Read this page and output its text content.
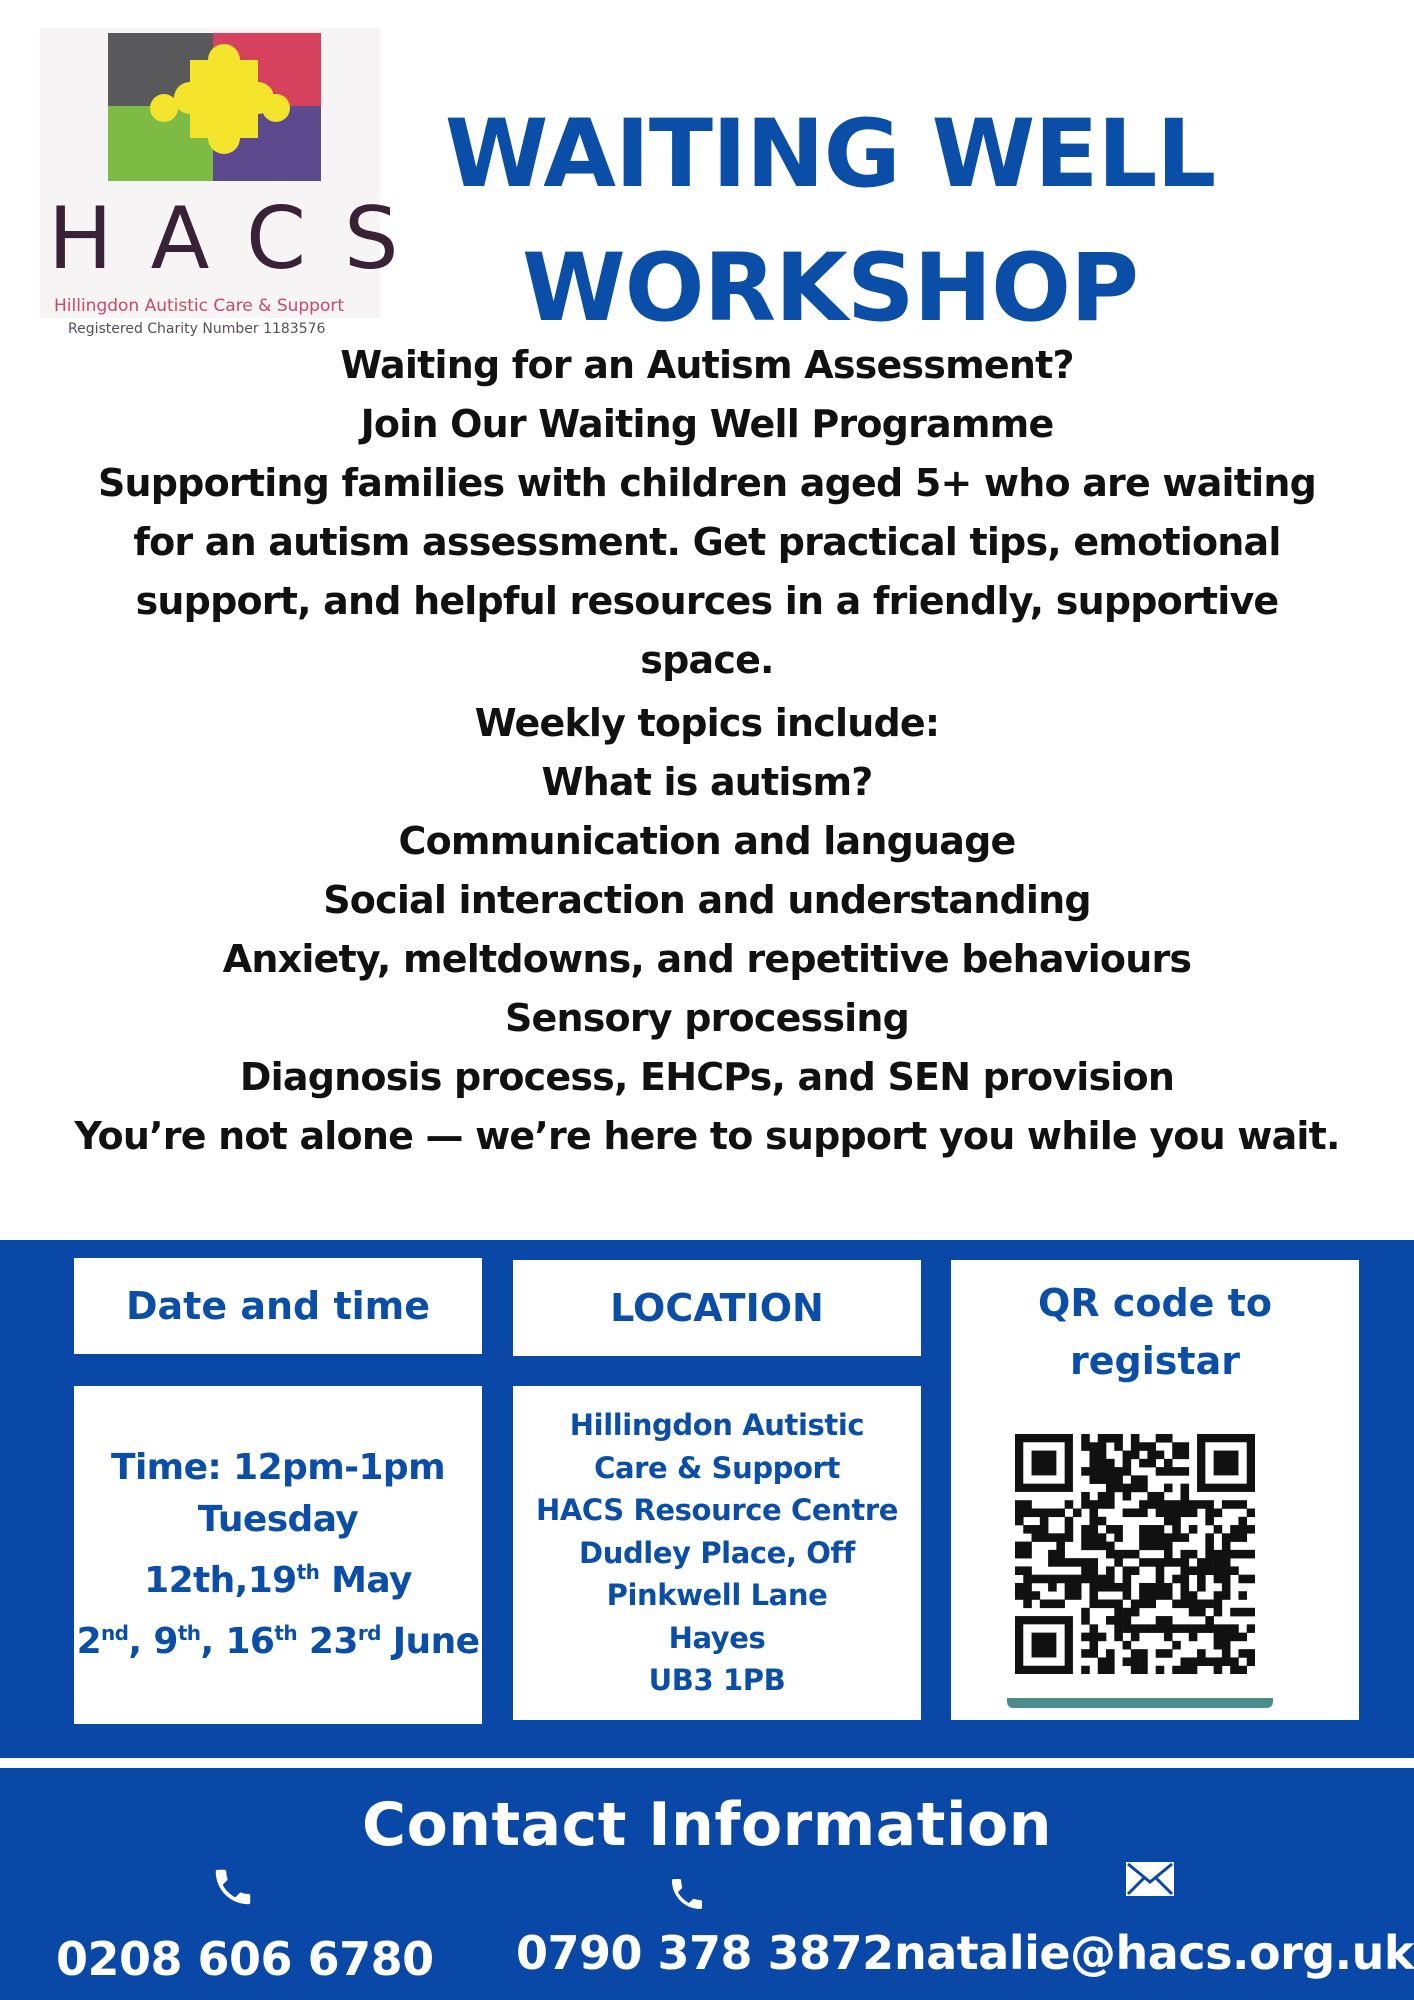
HACS
Hillingdon Autistic Care & Support
Registered Charity Number 1183576
WAITING WELL
WORKSHOP
Waiting for an Autism Assessment?
Join Our Waiting Well Programme
Supporting families with children aged 5+ who are waiting for an autism assessment. Get practical tips, emotional support, and helpful resources in a friendly, supportive space.
Weekly topics include:
What is autism?
Communication and language
Social interaction and understanding
Anxiety, meltdowns, and repetitive behaviours
Sensory processing
Diagnosis process, EHCPs, and SEN provision
You’re not alone — we’re here to support you while you wait.
Date and time	LOCATION
Time: 12pm-1pm
Tuesday
12th,19th May
2nd, 9th, 16th 23rd June
Hillingdon Autistic
Care & Support
HACS Resource Centre
Dudley Place, Off
Pinkwell Lane
Hayes
UB3 1PB
QR code to
registar
Contact Information
0208 606 6780 0790 378 3872 natalie@hacs.org.uk
